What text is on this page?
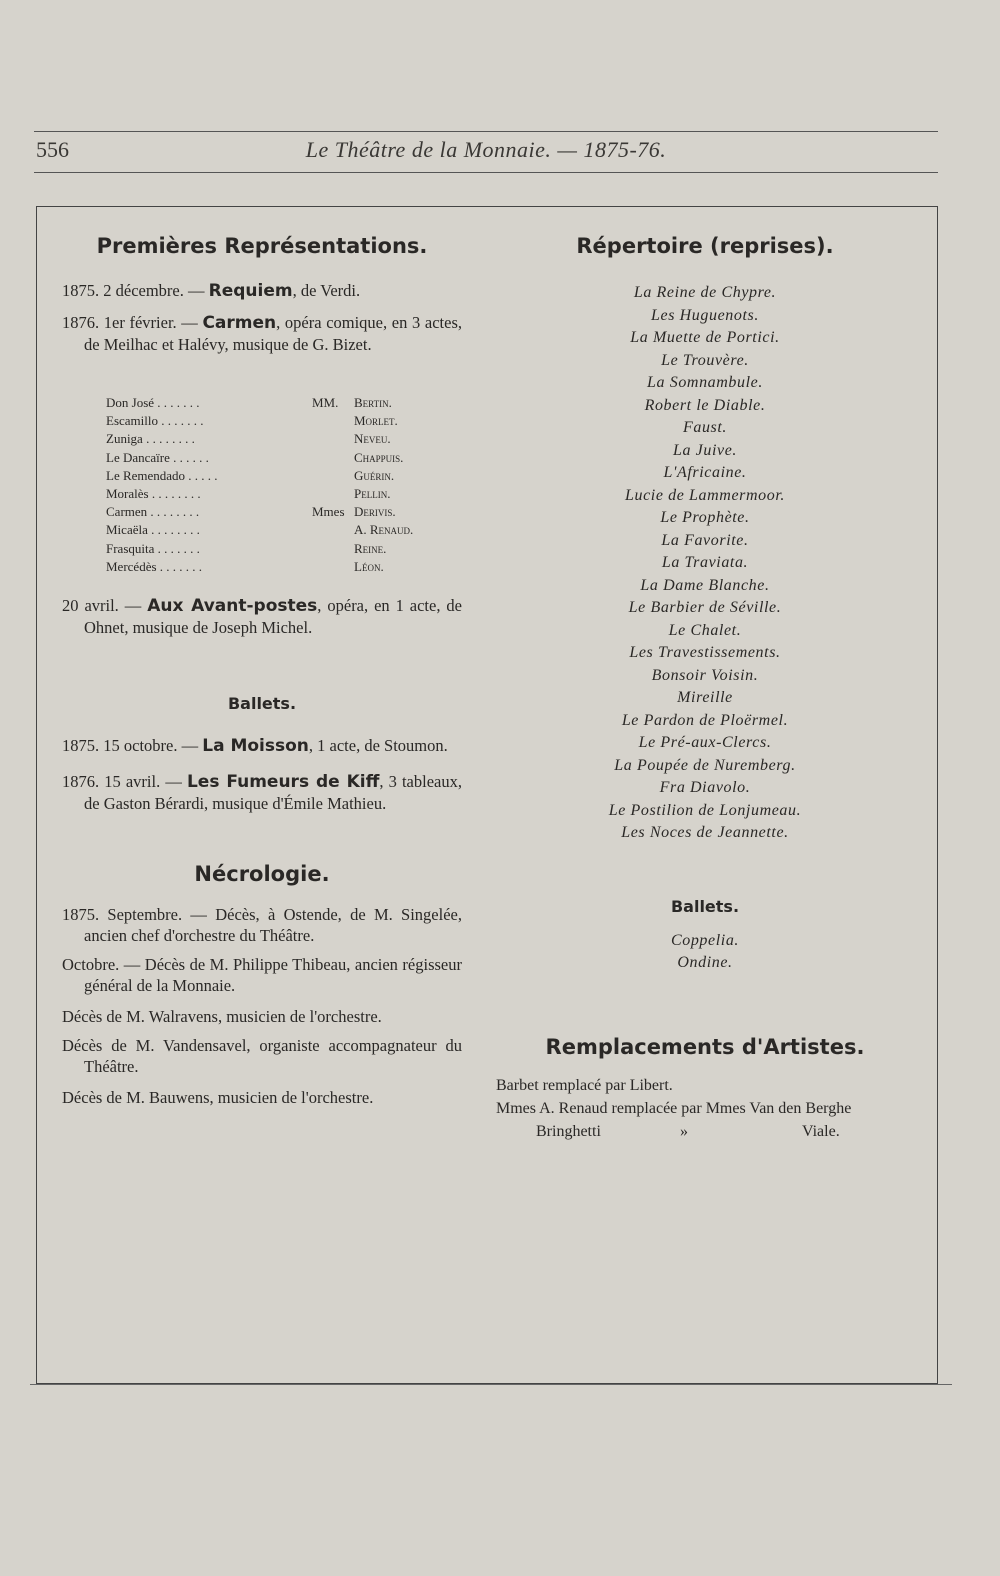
556	Le Théâtre de la Monnaie. — 1875-76.
Premières Représentations.
1875. 2 décembre. — Requiem, de Verdi.
1876. 1er février. — Carmen, opéra comique, en 3 actes, de Meilhac et Halévy, musique de G. Bizet.
20 avril. — Aux Avant-postes, opéra, en 1 acte, de Ohnet, musique de Joseph Michel.
Ballets.
1875. 15 octobre. — La Moisson, 1 acte, de Stoumon.
1876. 15 avril. — Les Fumeurs de Kiff, 3 tableaux, de Gaston Bérardi, musique d'Émile Mathieu.
Nécrologie.
1875. Septembre. — Décès, à Ostende, de M. Singelée, ancien chef d'orchestre du Théâtre.
Octobre. — Décès de M. Philippe Thibeau, ancien régisseur général de la Monnaie.
Décès de M. Walravens, musicien de l'orchestre.
Décès de M. Vandensavel, organiste accompagnateur du Théâtre.
Décès de M. Bauwens, musicien de l'orchestre.
Don José . . . . . . .	MM. Bertin.
Escamillo . . . . . . .	Morlet.
Zuniga . . . . . . . .	Neveu.
Le Dancaïre . . . . . .	Chappuis.
Le Remendado . . . . .	Guérin.
Moralès . . . . . . . .	Pellin.
Carmen . . . . . . . .	Mmes Derivis.
Micaëla . . . . . . . .	A. Renaud.
Frasquita . . . . . . .	Reine.
Mercédès . . . . . . .	Léon.
Répertoire (reprises).
La Reine de Chypre.
Les Huguenots.
La Muette de Portici.
Le Trouvère.
La Somnambule.
Robert le Diable.
Faust.
La Juive.
L'Africaine.
Lucie de Lammermoor.
Le Prophète.
La Favorite.
La Traviata.
La Dame Blanche.
Le Barbier de Séville.
Le Chalet.
Les Travestissements.
Bonsoir Voisin.
Mireille
Le Pardon de Ploërmel.
Le Pré-aux-Clercs.
La Poupée de Nuremberg.
Fra Diavolo.
Le Postilion de Lonjumeau.
Les Noces de Jeannette.
Ballets.
Coppelia.
Ondine.
Remplacements d'Artistes.
Barbet remplacé par Libert.
Mmes A. Renaud remplacée par Mmes Van den Berghe
Bringhetti	»	Viale.
